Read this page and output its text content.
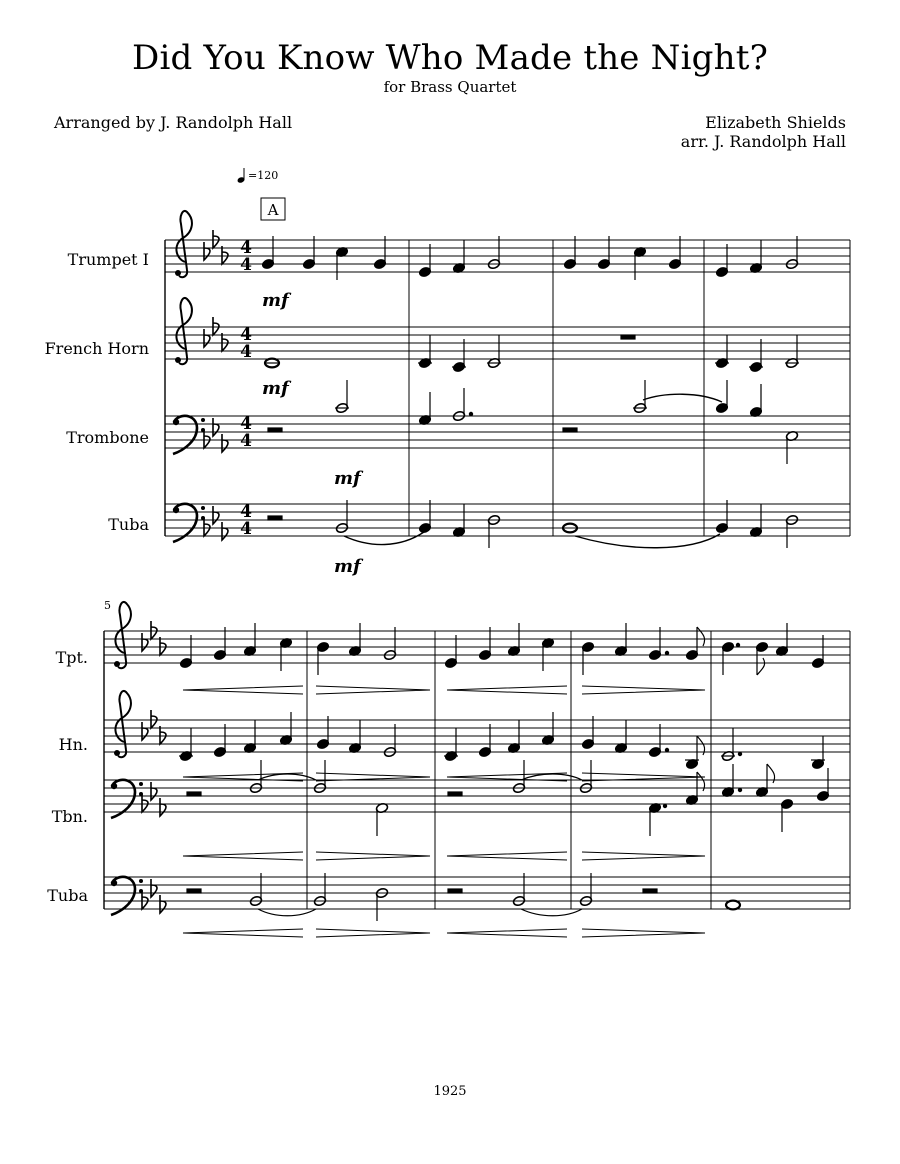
Did You Know Who Made the Night?
for Brass Quartet
Arranged by J. Randolph Hall	Elizabeth Shields
arr. J. Randolph Hall
=120
A
Trumpet I
French Horn
Trombone
Tuba
4
4
4
4
4
4
4
4
mf
mf
mf
mf
5
Tpt.
Hn.
Tbn.
Tuba
1925
